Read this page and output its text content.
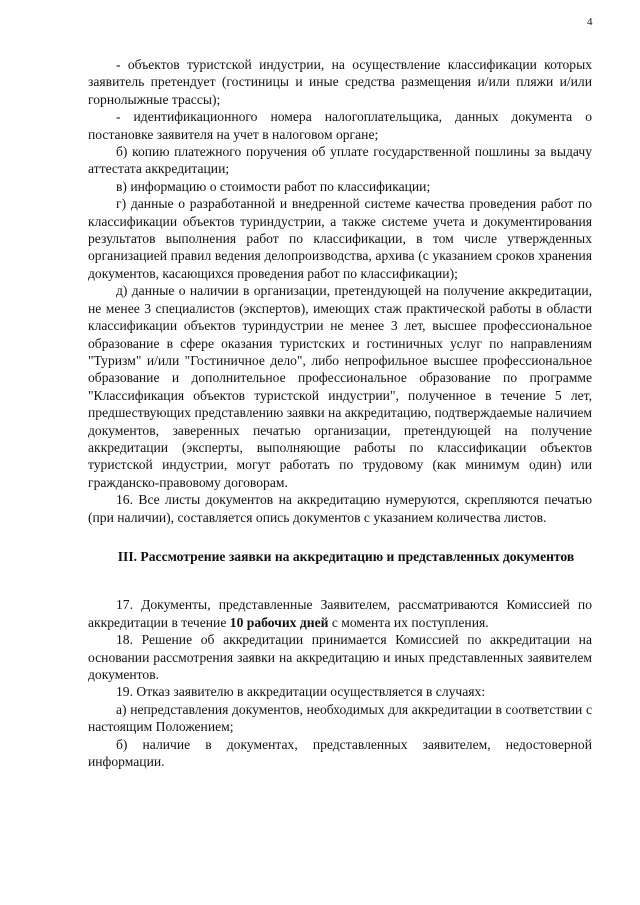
4

- объектов туристской индустрии, на осуществление классификации которых заявитель претендует (гостиницы и иные средства размещения и/или пляжи и/или горнолыжные трассы);

- идентификационного номера налогоплательщика, данных документа о постановке заявителя на учет в налоговом органе;

б) копию платежного поручения об уплате государственной пошлины за выдачу аттестата аккредитации;

в) информацию о стоимости работ по классификации;

г) данные о разработанной и внедренной системе качества проведения работ по классификации объектов туриндустрии, а также системе учета и документирования результатов выполнения работ по классификации, в том числе утвержденных организацией правил ведения делопроизводства, архива (с указанием сроков хранения документов, касающихся проведения работ по классификации);

д) данные о наличии в организации, претендующей на получение аккредитации, не менее 3 специалистов (экспертов), имеющих стаж практической работы в области классификации объектов туриндустрии не менее 3 лет, высшее профессиональное образование в сфере оказания туристских и гостиничных услуг по направлениям "Туризм" и/или "Гостиничное дело", либо непрофильное высшее профессиональное образование и дополнительное профессиональное образование по программе "Классификация объектов туристской индустрии", полученное в течение 5 лет, предшествующих представлению заявки на аккредитацию, подтверждаемые наличием документов, заверенных печатью организации, претендующей на получение аккредитации (эксперты, выполняющие работы по классификации объектов туристской индустрии, могут работать по трудовому (как минимум один) или гражданско-правовому договорам.

16. Все листы документов на аккредитацию нумеруются, скрепляются печатью (при наличии), составляется опись документов с указанием количества листов.

III. Рассмотрение заявки на аккредитацию и представленных документов

17. Документы, представленные Заявителем, рассматриваются Комиссией по аккредитации в течение 10 рабочих дней с момента их поступления.

18. Решение об аккредитации принимается Комиссией по аккредитации на основании рассмотрения заявки на аккредитацию и иных представленных заявителем документов.

19. Отказ заявителю в аккредитации осуществляется в случаях:

а) непредставления документов, необходимых для аккредитации в соответствии с настоящим Положением;

б) наличие в документах, представленных заявителем, недостоверной информации.
